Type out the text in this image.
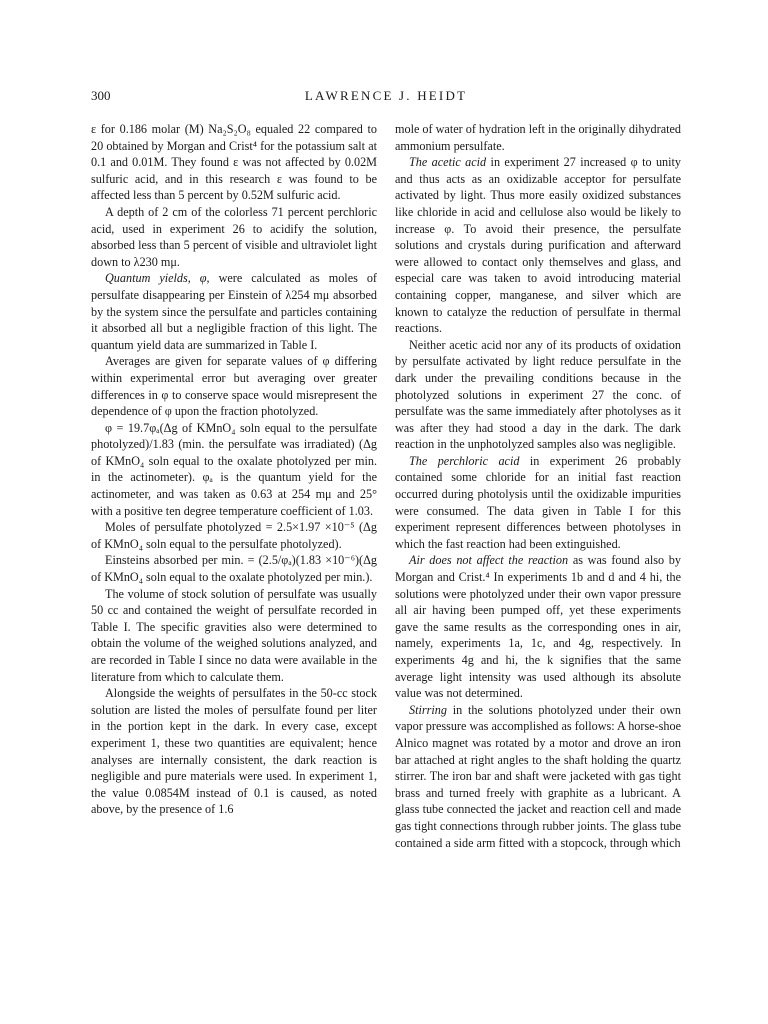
300	LAWRENCE J. HEIDT

ε for 0.186 molar (M) Na₂S₂O₈ equaled 22 compared to 20 obtained by Morgan and Crist⁴ for the potassium salt at 0.1 and 0.01M. They found ε was not affected by 0.02M sulfuric acid, and in this research ε was found to be affected less than 5 percent by 0.52M sulfuric acid.

A depth of 2 cm of the colorless 71 percent perchloric acid, used in experiment 26 to acidify the solution, absorbed less than 5 percent of visible and ultraviolet light down to λ230 mμ.

Quantum yields, φ, were calculated as moles of persulfate disappearing per Einstein of λ254 mμ absorbed by the system since the persulfate and particles containing it absorbed all but a negligible fraction of this light. The quantum yield data are summarized in Table I.

Averages are given for separate values of φ differing within experimental error but averaging over greater differences in φ to conserve space would misrepresent the dependence of φ upon the fraction photolyzed.

φ = 19.7φₐ(Δg of KMnO₄ soln equal to the persulfate photolyzed)/1.83 (min. the persulfate was irradiated) (Δg of KMnO₄ soln equal to the oxalate photolyzed per min. in the actinometer). φₐ is the quantum yield for the actinometer, and was taken as 0.63 at 254 mμ and 25° with a positive ten degree temperature coefficient of 1.03.

Moles of persulfate photolyzed = 2.5×1.97 ×10⁻⁵ (Δg of KMnO₄ soln equal to the persulfate photolyzed).

Einsteins absorbed per min. = (2.5/φₐ)(1.83 ×10⁻⁶)(Δg of KMnO₄ soln equal to the oxalate photolyzed per min.).

The volume of stock solution of persulfate was usually 50 cc and contained the weight of persulfate recorded in Table I. The specific gravities also were determined to obtain the volume of the weighed solutions analyzed, and are recorded in Table I since no data were available in the literature from which to calculate them.

Alongside the weights of persulfates in the 50-cc stock solution are listed the moles of persulfate found per liter in the portion kept in the dark. In every case, except experiment 1, these two quantities are equivalent; hence analyses are internally consistent, the dark reaction is negligible and pure materials were used. In experiment 1, the value 0.0854M instead of 0.1 is caused, as noted above, by the presence of 1.6

mole of water of hydration left in the originally dihydrated ammonium persulfate.

The acetic acid in experiment 27 increased φ to unity and thus acts as an oxidizable acceptor for persulfate activated by light. Thus more easily oxidized substances like chloride in acid and cellulose also would be likely to increase φ. To avoid their presence, the persulfate solutions and crystals during purification and afterward were allowed to contact only themselves and glass, and especial care was taken to avoid introducing material containing copper, manganese, and silver which are known to catalyze the reduction of persulfate in thermal reactions.

Neither acetic acid nor any of its products of oxidation by persulfate activated by light reduce persulfate in the dark under the prevailing conditions because in the photolyzed solutions in experiment 27 the conc. of persulfate was the same immediately after photolyses as it was after they had stood a day in the dark. The dark reaction in the unphotolyzed samples also was negligible.

The perchloric acid in experiment 26 probably contained some chloride for an initial fast reaction occurred during photolysis until the oxidizable impurities were consumed. The data given in Table I for this experiment represent differences between photolyses in which the fast reaction had been extinguished.

Air does not affect the reaction as was found also by Morgan and Crist.⁴ In experiments 1b and d and 4 hi, the solutions were photolyzed under their own vapor pressure all air having been pumped off, yet these experiments gave the same results as the corresponding ones in air, namely, experiments 1a, 1c, and 4g, respectively. In experiments 4g and hi, the k signifies that the same average light intensity was used although its absolute value was not determined.

Stirring in the solutions photolyzed under their own vapor pressure was accomplished as follows: A horse-shoe Alnico magnet was rotated by a motor and drove an iron bar attached at right angles to the shaft holding the quartz stirrer. The iron bar and shaft were jacketed with gas tight brass and turned freely with graphite as a lubricant. A glass tube connected the jacket and reaction cell and made gas tight connections through rubber joints. The glass tube contained a side arm fitted with a stopcock, through which
